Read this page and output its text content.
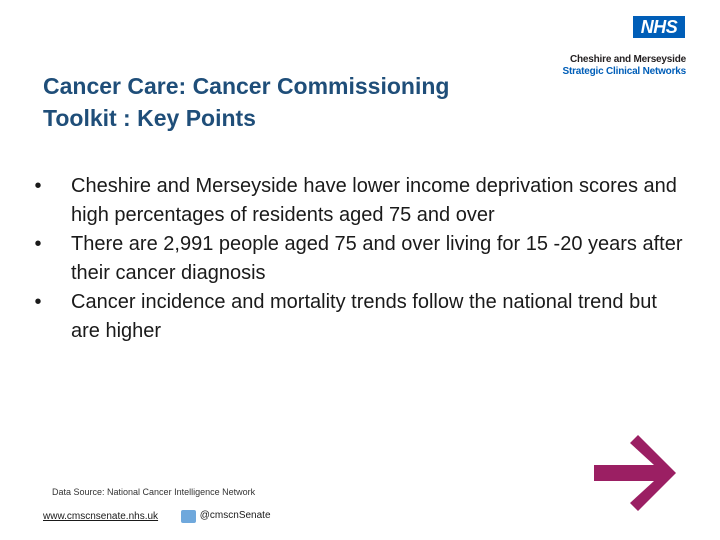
NHS
Cheshire and Merseyside
Strategic Clinical Networks
Cancer Care: Cancer Commissioning
Toolkit : Key Points
• Cheshire and Merseyside have lower income deprivation scores and high percentages of residents aged 75 and over
• There are 2,991 people aged 75 and over living for 15 -20 years after their cancer diagnosis
• Cancer incidence and mortality trends follow the national trend but are higher
Data Source: National Cancer Intelligence Network
www.cmscnsenate.nhs.uk	@cmscnSenate
